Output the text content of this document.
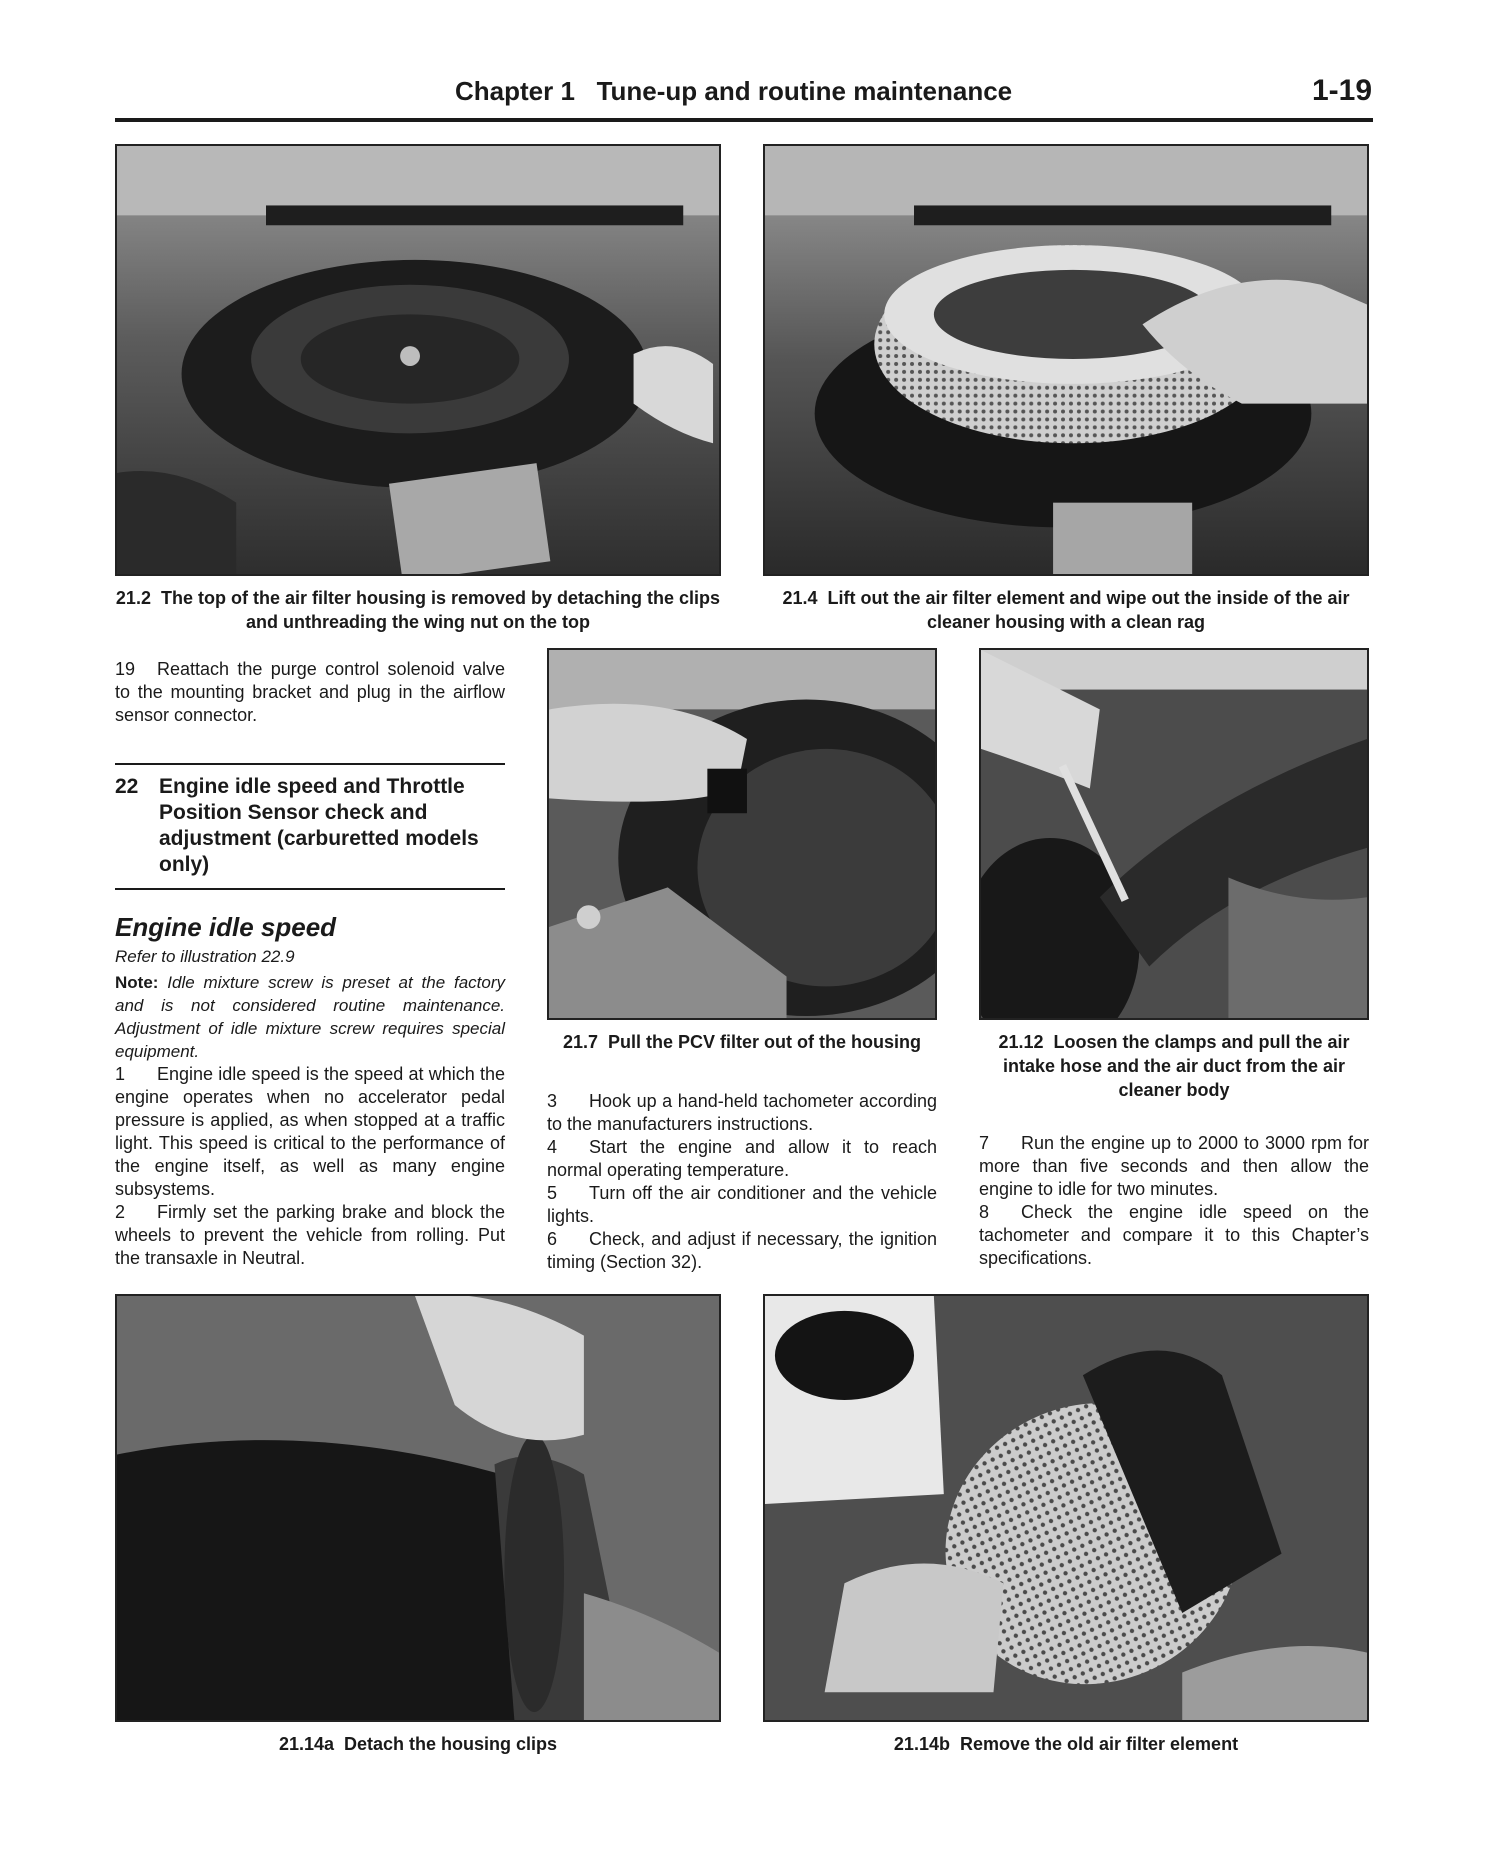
Chapter 1 Tune-up and routine maintenance	1-19
21.2 The top of the air filter housing is removed by detaching the clips and unthreading the wing nut on the top
21.4 Lift out the air filter element and wipe out the inside of the air cleaner housing with a clean rag
19 Reattach the purge control solenoid valve to the mounting bracket and plug in the airflow sensor connector.
22 Engine idle speed and Throttle Position Sensor check and adjustment (carburetted models only)
Engine idle speed
Refer to illustration 22.9
Note: Idle mixture screw is preset at the factory and is not considered routine maintenance. Adjustment of idle mixture screw requires special equipment.
1 Engine idle speed is the speed at which the engine operates when no accelerator pedal pressure is applied, as when stopped at a traffic light. This speed is critical to the performance of the engine itself, as well as many engine subsystems.
2 Firmly set the parking brake and block the wheels to prevent the vehicle from rolling. Put the transaxle in Neutral.
21.7 Pull the PCV filter out of the housing
3 Hook up a hand-held tachometer according to the manufacturers instructions.
4 Start the engine and allow it to reach normal operating temperature.
5 Turn off the air conditioner and the vehicle lights.
6 Check, and adjust if necessary, the ignition timing (Section 32).
21.12 Loosen the clamps and pull the air intake hose and the air duct from the air cleaner body
7 Run the engine up to 2000 to 3000 rpm for more than five seconds and then allow the engine to idle for two minutes.
8 Check the engine idle speed on the tachometer and compare it to this Chapter’s specifications.
21.14a Detach the housing clips	21.14b Remove the old air filter element
